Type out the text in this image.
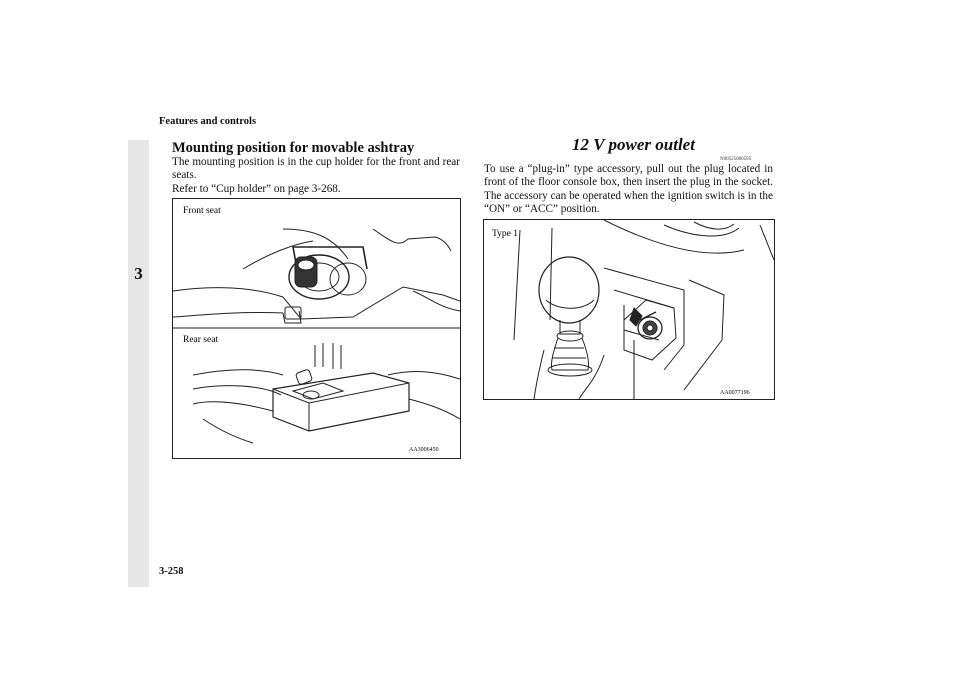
Features and controls
3
Mounting position for movable ashtray
The mounting position is in the cup holder for the front and rear seats.
Refer to “Cup holder” on page 3-268.
Front seat
Rear seat
AA3006450
12 V power outlet
N00525000595
To use a “plug-in” type accessory, pull out the plug located in front of the floor console box, then insert the plug in the socket. The accessory can be operated when the ignition switch is in the “ON” or “ACC” position.
Type 1
AA0077196
3-258
